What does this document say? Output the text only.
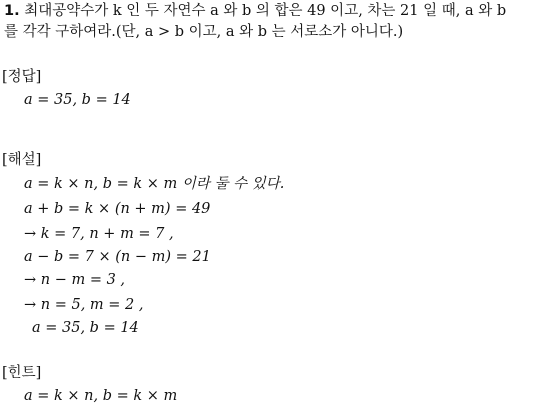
1. 최대공약수가 k 인 두 자연수 a 와 b 의 합은 49 이고, 차는 21 일 때, a 와 b
를 각각 구하여라.(단, a > b 이고, a 와 b 는 서로소가 아니다.)
[정답]
a = 35, b = 14
[해설]
a = k × n, b = k × m 이라 둘 수 있다.
a + b = k × (n + m) = 49
→ k = 7, n + m = 7 ,
a − b = 7 × (n − m) = 21
→ n − m = 3 ,
→ n = 5, m = 2 ,
a = 35, b = 14
[힌트]
a = k × n, b = k × m
